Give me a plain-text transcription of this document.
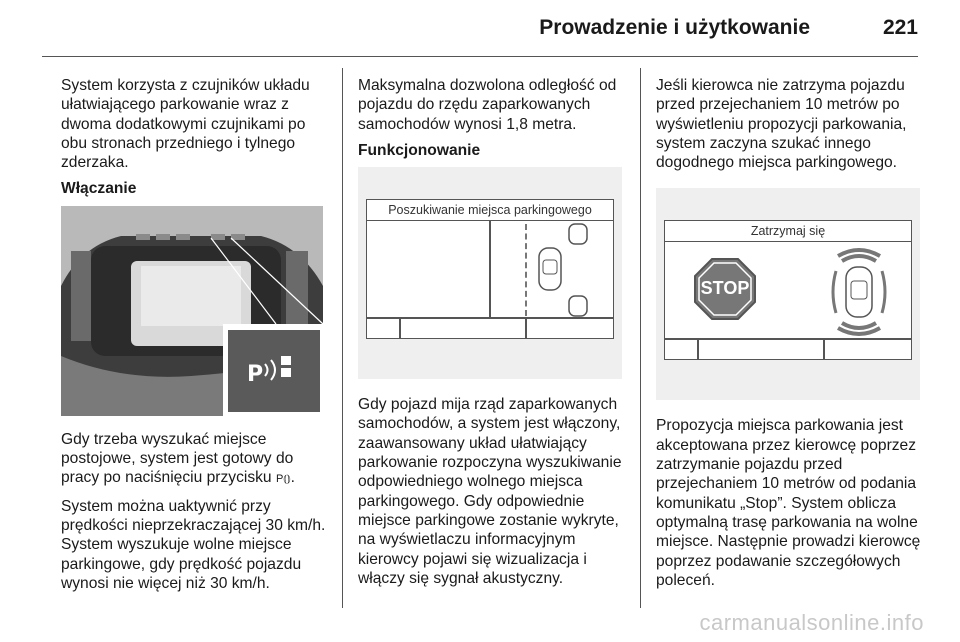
Prowadzenie i użytkowanie	221

System korzysta z czujników układu ułatwiającego parkowanie wraz z dwoma dodatkowymi czujnikami po obu stronach przedniego i tylnego zderzaka.

Włączanie

P

Gdy trzeba wyszukać miejsce postojowe, system jest gotowy do pracy po naciśnięciu przycisku P⦅⦆.

System można uaktywnić przy prędkości nieprzekraczającej 30 km/h. System wyszukuje wolne miejsce parkingowe, gdy prędkość pojazdu wynosi nie więcej niż 30 km/h.

Maksymalna dozwolona odległość od pojazdu do rzędu zaparkowanych samochodów wynosi 1,8 metra.

Funkcjonowanie

Poszukiwanie miejsca parkingowego

Gdy pojazd mija rząd zaparkowanych samochodów, a system jest włączony, zaawansowany układ ułatwiający parkowanie rozpoczyna wyszukiwanie odpowiedniego wolnego miejsca parkingowego. Gdy odpowiednie miejsce parkingowe zostanie wykryte, na wyświetlaczu informacyjnym kierowcy pojawi się wizualizacja i włączy się sygnał akustyczny.

Jeśli kierowca nie zatrzyma pojazdu przed przejechaniem 10 metrów po wyświetleniu propozycji parkowania, system zaczyna szukać innego dogodnego miejsca parkingowego.

Zatrzymaj się
STOP

Propozycja miejsca parkowania jest akceptowana przez kierowcę poprzez zatrzymanie pojazdu przed przejechaniem 10 metrów od podania komunikatu „Stop”. System oblicza optymalną trasę parkowania na wolne miejsce. Następnie prowadzi kierowcę poprzez podawanie szczegółowych poleceń.

carmanualsonline.info
